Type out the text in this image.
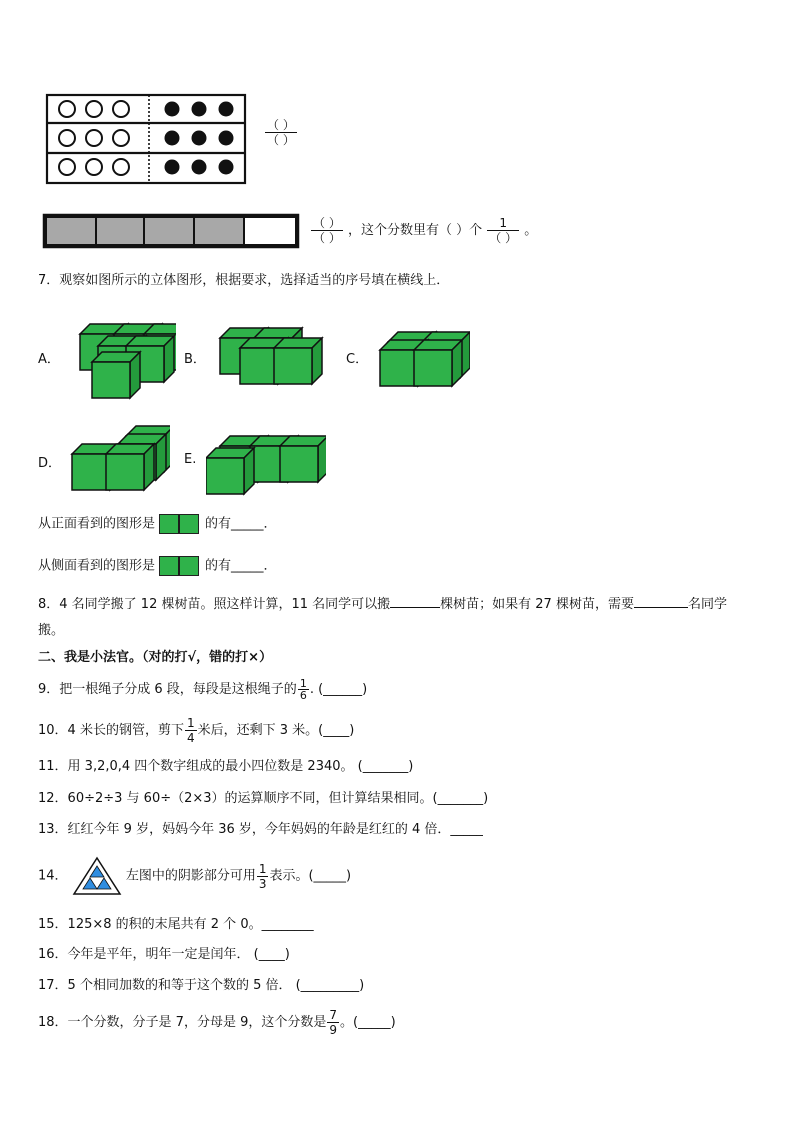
（ ）
（ ）
$\frac{( )}{( )}$ ，这个分数里有（ ）个 $\frac{1}{( )}$ 。
7．观察如图所示的立体图形，根据要求，选择适当的序号填在横线上．
A．	B．	C．
D．	E.
从正面看到的图形是	的有_____．
从侧面看到的图形是	的有_____．
8．4 名同学搬了 12 棵树苗。照这样计算，11 名同学可以搬	棵树苗；如果有 27 棵树苗，需要	名同学
搬。
二、我是小法官。（对的打√，错的打×）
9．把一根绳子分成 6 段，每段是这根绳子的 $\frac{1}{6}$ . (______)
10．4 米长的钢管，剪下 $\frac{1}{4}$ 米后，还剩下 3 米。(____)
11．用 3,2,0,4 四个数字组成的最小四位数是 2340。 (_______)
12．60÷2÷3 与 60÷（2×3）的运算顺序不同，但计算结果相同。(_______)
13．红红今年 9 岁，妈妈今年 36 岁，今年妈妈的年龄是红红的 4 倍．_____
14．	左图中的阴影部分可用 $\frac{1}{3}$ 表示。(_____)
15．125×8 的积的末尾共有 2 个 0。________
16．今年是平年，明年一定是闰年． (____)
17．5 个相同加数的和等于这个数的 5 倍． (_________)
18．一个分数，分子是 7，分母是 9，这个分数是 $\frac{7}{9}$ 。(_____)
